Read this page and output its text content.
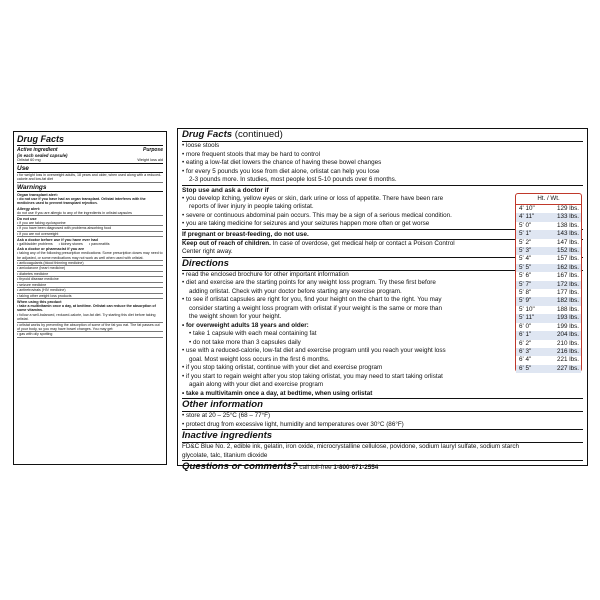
Drug Facts
Active ingredient	Purpose
(in each sealed capsule)
Orlistat 60 mg	Weight loss aid
Use
• for weight loss in overweight adults, 18 years and older, when used along with a reduced-calorie and low-fat diet
Warnings
Organ transplant alert:
• do not use if you have had an organ transplant. Orlistat interferes with the medicines used to prevent transplant rejection.
Allergy alert:
do not use if you are allergic to any of the ingredients in orlistat capsules
Do not use
• if you are taking cyclosporine
• if you have been diagnosed with problems absorbing food
• if you are not overweight
Ask a doctor before use if you have ever had
• gallbladder problems • kidney stones • pancreatitis
Ask a doctor or pharmacist if you are
• taking any of the following prescription medications: Some prescription doses may need to be adjusted, or some medications may not work as well when used with orlistat.
• anticoagulants (blood thinning medicine)
• amiodarone (heart medicine)
• diabetes medicine
• thyroid disease medicine
• seizure medicine
• antiretrovirals (HIV medicine)
• taking other weight loss products
When using this product
• take a multivitamin once a day, at bedtime. Orlistat can reduce the absorption of some vitamins.
• follow a well-balanced, reduced-calorie, low-fat diet. Try starting this diet before taking orlistat.
• orlistat works by preventing the absorption of some of the fat you eat. The fat passes out of your body, so you may have bowel changes. You may get:
• gas with oily spotting
Drug Facts (continued)
• loose stools
• more frequent stools that may be hard to control
• eating a low-fat diet lowers the chance of having these bowel changes
• for every 5 pounds you lose from diet alone, orlistat can help you lose
2-3 pounds more. In studies, most people lost 5-10 pounds over 6 months.
Stop use and ask a doctor if
• you develop itching, yellow eyes or skin, dark urine or loss of appetite. There have been rare
reports of liver injury in people taking orlistat.
• severe or continuous abdominal pain occurs. This may be a sign of a serious medical condition.
• you are taking medicine for seizures and your seizures happen more often or get worse
If pregnant or breast-feeding, do not use.
Keep out of reach of children. In case of overdose, get medical help or contact a Poison Control
Center right away.
Directions
• read the enclosed brochure for other important information
• diet and exercise are the starting points for any weight loss program. Try these first before
adding orlistat. Check with your doctor before starting any exercise program.
• to see if orlistat capsules are right for you, find your height on the chart to the right. You may
consider starting a weight loss program with orlistat if your weight is the same or more than
the weight shown for your height.
• for overweight adults 18 years and older:
• take 1 capsule with each meal containing fat
• do not take more than 3 capsules daily
• use with a reduced-calorie, low-fat diet and exercise program until you reach your weight loss
goal. Most weight loss occurs in the first 6 months.
• if you stop taking orlistat, continue with your diet and exercise program
• if you start to regain weight after you stop taking orlistat, you may need to start taking orlistat
again along with your diet and exercise program
• take a multivitamin once a day, at bedtime, when using orlistat
Other information
• store at 20 – 25°C (68 – 77°F)
• protect drug from excessive light, humidity and temperatures over 30°C (86°F)
Inactive ingredients
FD&C Blue No. 2, edible ink, gelatin, iron oxide, microcrystalline cellulose, povidone, sodium lauryl sulfate, sodium starch
glycolate, talc, titanium dioxide
Questions or comments? call toll-free 1-800-671-2554
Ht. / Wt.
4' 10"	129 lbs.
4' 11"	133 lbs.
5' 0"	138 lbs.
5' 1"	143 lbs.
5' 2"	147 lbs.
5' 3"	152 lbs.
5' 4"	157 lbs.
5' 5"	162 lbs.
5' 6"	167 lbs.
5' 7"	172 lbs.
5' 8"	177 lbs.
5' 9"	182 lbs.
5' 10"	188 lbs.
5' 11"	193 lbs.
6' 0"	199 lbs.
6' 1"	204 lbs.
6' 2"	210 lbs.
6' 3"	216 lbs.
6' 4"	221 lbs.
6' 5"	227 lbs.
